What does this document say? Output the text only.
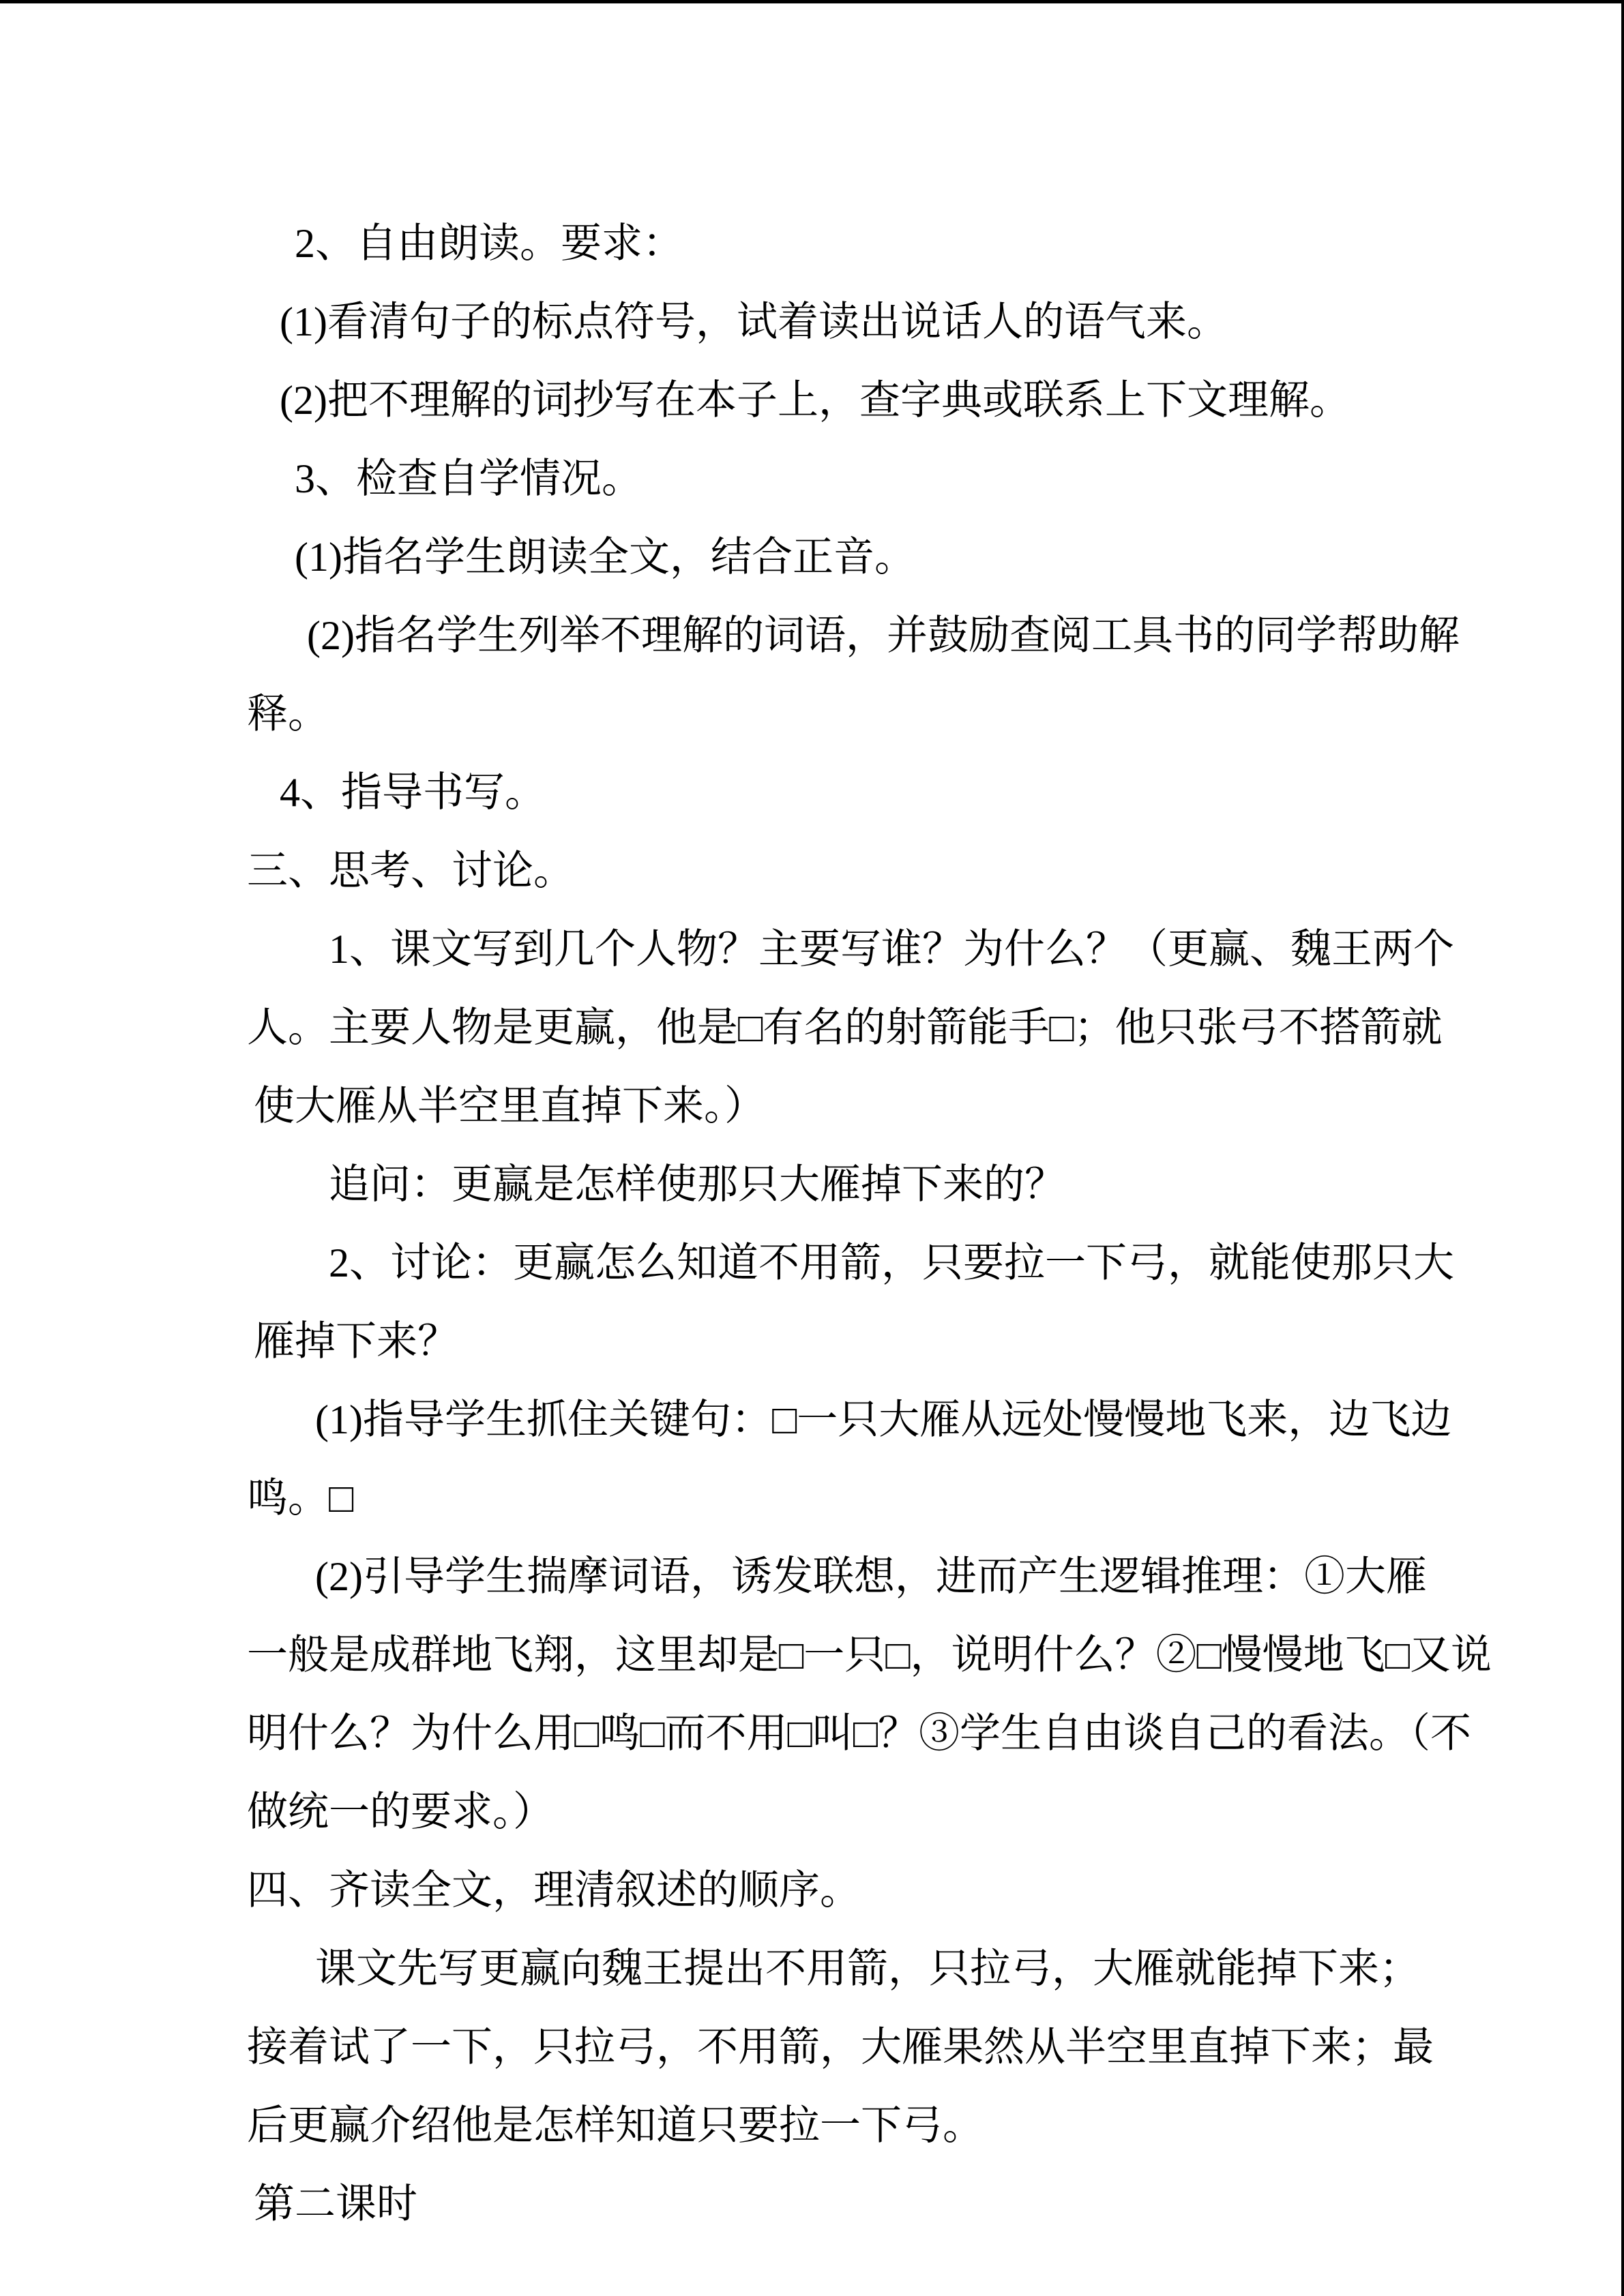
2、自由朗读。要求：

(1)看清句子的标点符号，试着读出说话人的语气来。

(2)把不理解的词抄写在本子上，查字典或联系上下文理解。

3、检查自学情况。

(1)指名学生朗读全文，结合正音。

(2)指名学生列举不理解的词语，并鼓励查阅工具书的同学帮助解

释。

4、指导书写。

三、思考、讨论。

1、课文写到几个人物？主要写谁？为什么？（更赢、魏王两个

人。主要人物是更赢，他是□有名的射箭能手□；他只张弓不搭箭就

使大雁从半空里直掉下来。）

追问：更赢是怎样使那只大雁掉下来的？

2、讨论：更赢怎么知道不用箭，只要拉一下弓，就能使那只大

雁掉下来？

(1)指导学生抓住关键句：□一只大雁从远处慢慢地飞来，边飞边

鸣。□

(2)引导学生揣摩词语，诱发联想，进而产生逻辑推理：①大雁

一般是成群地飞翔，这里却是□一只□，说明什么？②□慢慢地飞□又说

明什么？为什么用□鸣□而不用□叫□？③学生自由谈自己的看法。（不

做统一的要求。）

四、齐读全文，理清叙述的顺序。

课文先写更赢向魏王提出不用箭，只拉弓，大雁就能掉下来；

接着试了一下，只拉弓，不用箭，大雁果然从半空里直掉下来；最

后更赢介绍他是怎样知道只要拉一下弓。

第二课时
